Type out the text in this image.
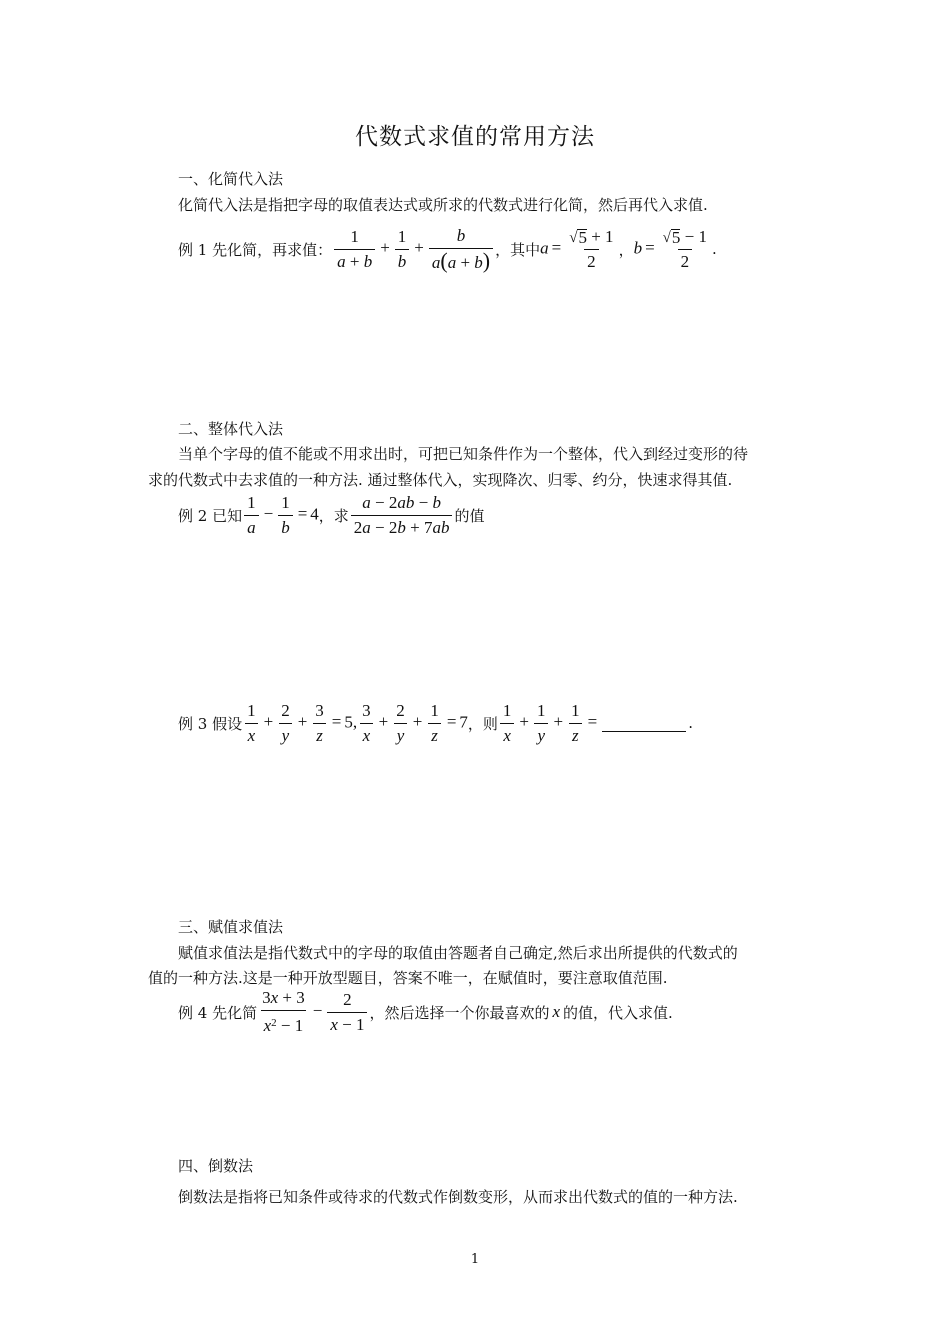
代数式求值的常用方法
一、化简代入法
化简代入法是指把字母的取值表达式或所求的代数式进行化简，然后再代入求值.
例 1 先化简，再求值： $\frac{1}{a + b} + \frac{1}{b} + \frac{b}{a(a + b)}$ ，其中 $a = \frac{√ 5 + 1}{2}$ ， $b = \frac{√ 5 - 1}{2}$ .
二、整体代入法
当单个字母的值不能或不用求出时，可把已知条件作为一个整体，代入到经过变形的待
求的代数式中去求值的一种方法. 通过整体代入，实现降次、归零、约分，快速求得其值.
例 2 已知 $\frac{1}{a} - \frac{1}{b} = 4$ ，求 $\frac{a - 2ab - b}{2a - 2b + 7ab}$ 的值
例 3 假设 $\frac{1}{x} + \frac{2}{y} + \frac{3}{z} = 5$, $\frac{3}{x} + \frac{2}{y} + \frac{1}{z} = 7$ ，则 $\frac{1}{x} + \frac{1}{y} + \frac{1}{z}$ =	.
三、赋值求值法
赋值求值法是指代数式中的字母的取值由答题者自己确定,然后求出所提供的代数式的
值的一种方法.这是一种开放型题目，答案不唯一，在赋值时，要注意取值范围.
例 4 先化简 $\frac{3x + 3}{x^2 - 1} - \frac{2}{x - 1}$ ，然后选择一个你最喜欢的 x 的值，代入求值.
四、倒数法
倒数法是指将已知条件或待求的代数式作倒数变形，从而求出代数式的值的一种方法.
1
